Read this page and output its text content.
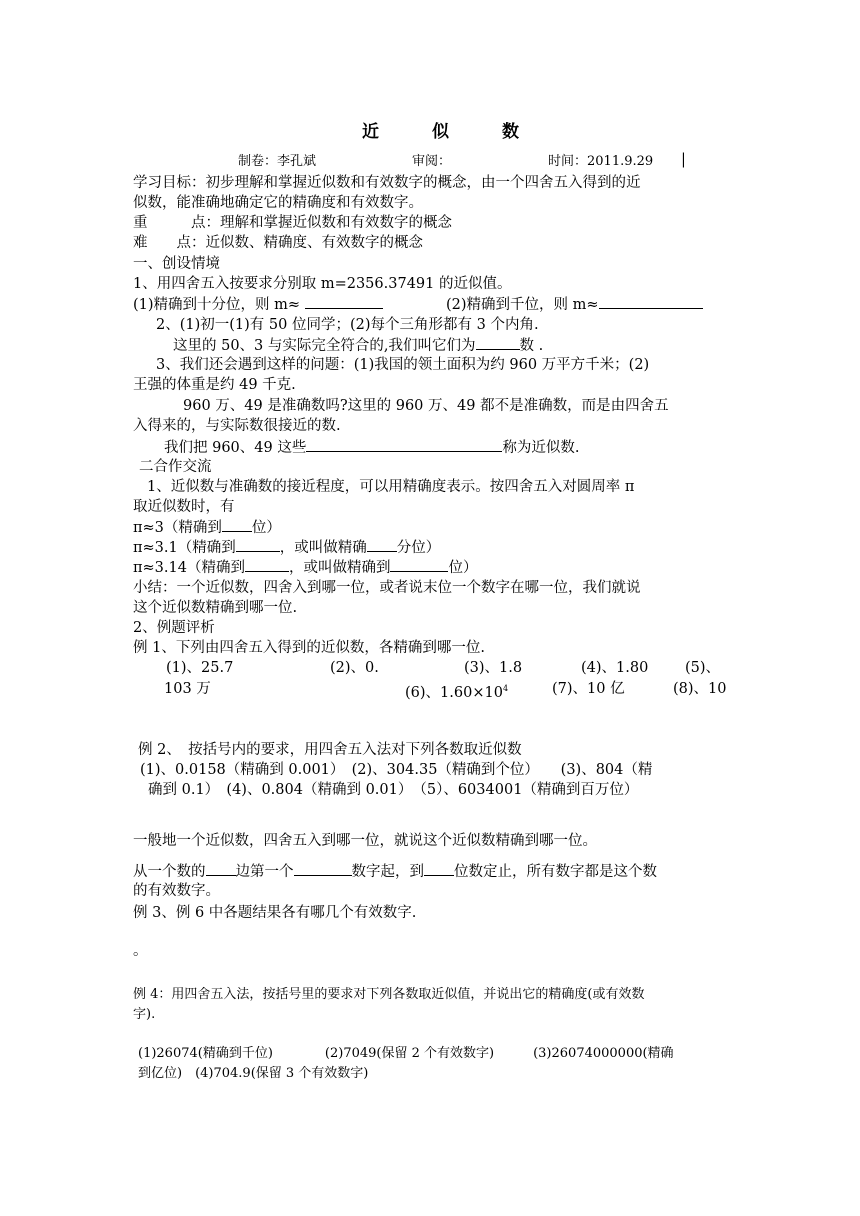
近　似　数
制卷：李孔斌	审阅：	时间：2011.9.29 |
学习目标：初步理解和掌握近似数和有效数字的概念，由一个四舍五入得到的近
似数，能准确地确定它的精确度和有效数字。
重　　　点：理解和掌握近似数和有效数字的概念
难　　点：近似数、精确度、有效数字的概念
一、创设情境
1、用四舍五入按要求分别取 m=2356.37491 的近似值。
(1)精确到十分位，则 m≈	(2)精确到千位，则 m≈
2、(1)初一(1)有 50 位同学；(2)每个三角形都有 3 个内角.
这里的 50、3 与实际完全符合的,我们叫它们为	数 .
3、我们还会遇到这样的问题：(1)我国的领土面积为约 960 万平方千米；(2)
王强的体重是约 49 千克.
960 万、49 是准确数吗?这里的 960 万、49 都不是准确数，而是由四舍五
入得来的，与实际数很接近的数.
我们把 960、49 这些	称为近似数.
二合作交流
1、近似数与准确数的接近程度，可以用精确度表示。按四舍五入对圆周率 π
取近似数时，有
π≈3（精确到 位）
π≈3.1（精确到	，或叫做精确 分位）
π≈3.14（精确到	，或叫做精确到	位）
小结：一个近似数，四舍入到哪一位，或者说末位一个数字在哪一位，我们就说
这个近似数精确到哪一位.
2、例题评析
例 1、下列由四舍五入得到的近似数，各精确到哪一位.
(1)、25.7	(2)、0.	(3)、1.8	(4)、1.80	(5)、
103 万	(6)、$1.60\times 10^4$	(7)、10 亿	(8)、10
例 2、　按括号内的要求，用四舍五入法对下列各数取近似数
(1)、0.0158（精确到 0.001）　(2)、304.35（精确到个位）　　(3)、804（精
确到 0.1）　(4)、0.804（精确到 0.01）　（5）、6034001（精确到百万位）
一般地一个近似数，四舍五入到哪一位，就说这个近似数精确到哪一位。
从一个数的 边第一个	数字起，到 位数定止，所有数字都是这个数
的有效数字。
例 3、例 6 中各题结果各有哪几个有效数字.
。
例 4：用四舍五入法，按括号里的要求对下列各数取近似值，并说出它的精确度(或有效数
字).
(1)26074(精确到千位)　　　　(2)7049(保留 2 个有效数字)　　　(3)26074000000(精确
到亿位)　(4)704.9(保留 3 个有效数字)
